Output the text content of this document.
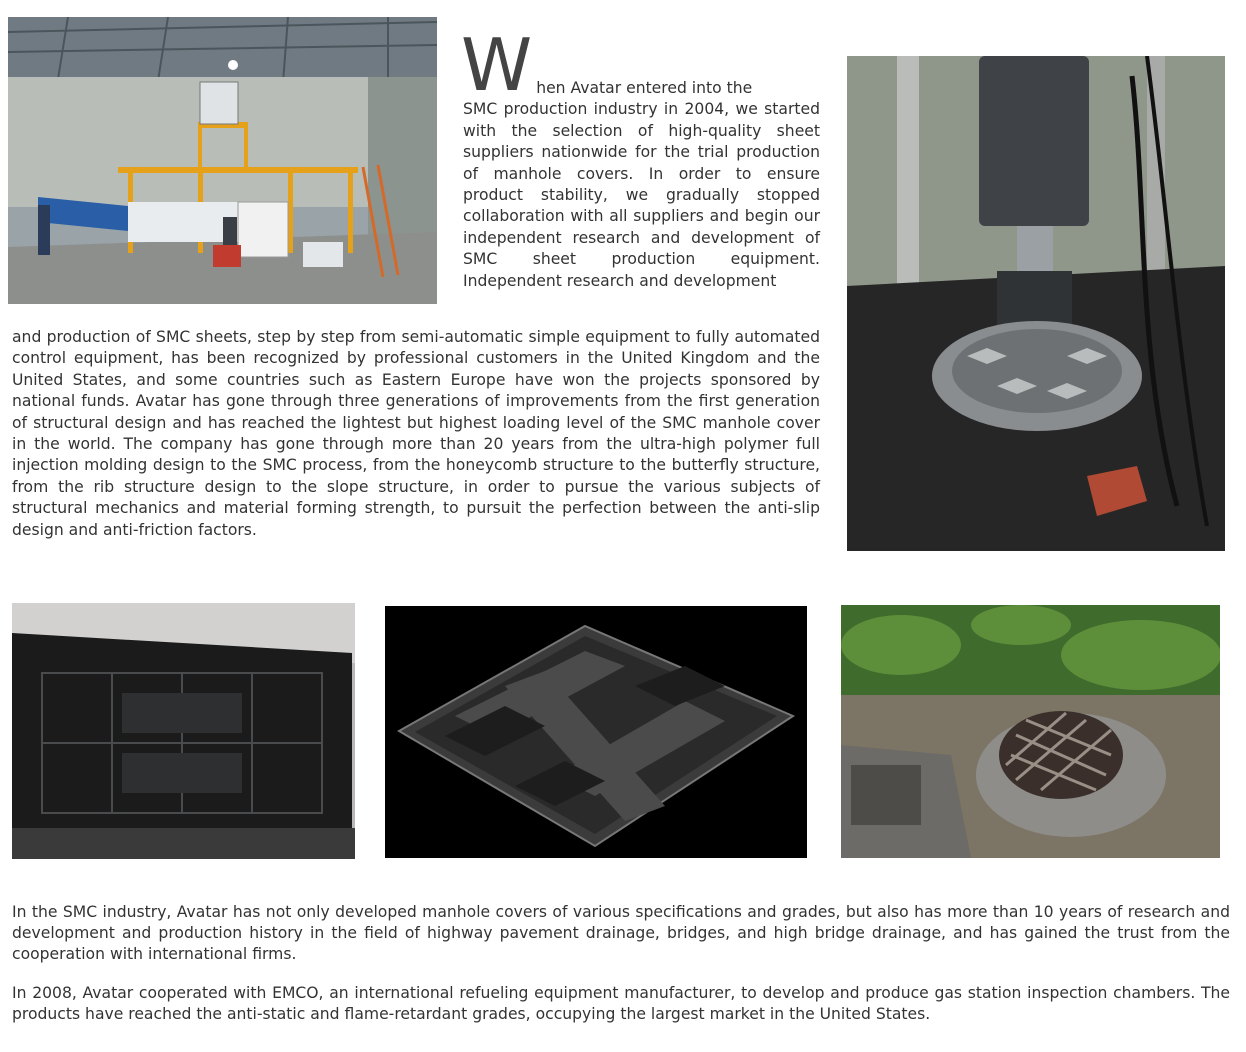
W hen Avatar entered into the
SMC production industry in 2004, we started with the selection of high-quality sheet suppliers nationwide for the trial production of manhole covers. In order to ensure product stability, we gradually stopped collaboration with all suppliers and begin our independent research and development of SMC sheet production equipment. Independent research and development

and production of SMC sheets, step by step from semi-automatic simple equipment to fully automated control equipment, has been recognized by professional customers in the United Kingdom and the United States, and some countries such as Eastern Europe have won the projects sponsored by national funds. Avatar has gone through three generations of improvements from the first generation of structural design and has reached the lightest but highest loading level of the SMC manhole cover in the world. The company has gone through more than 20 years from the ultra-high polymer full injection molding design to the SMC process, from the honeycomb structure to the butterfly structure, from the rib structure design to the slope structure, in order to pursue the various subjects of structural mechanics and material forming strength, to pursuit the perfection between the anti-slip design and anti-friction factors.

In the SMC industry, Avatar has not only developed manhole covers of various specifications and grades, but also has more than 10 years of research and development and production history in the field of highway pavement drainage, bridges, and high bridge drainage, and has gained the trust from the cooperation with international firms.

In 2008, Avatar cooperated with EMCO, an international refueling equipment manufacturer, to develop and produce gas station inspection chambers. The products have reached the anti-static and flame-retardant grades, occupying the largest market in the United States.
